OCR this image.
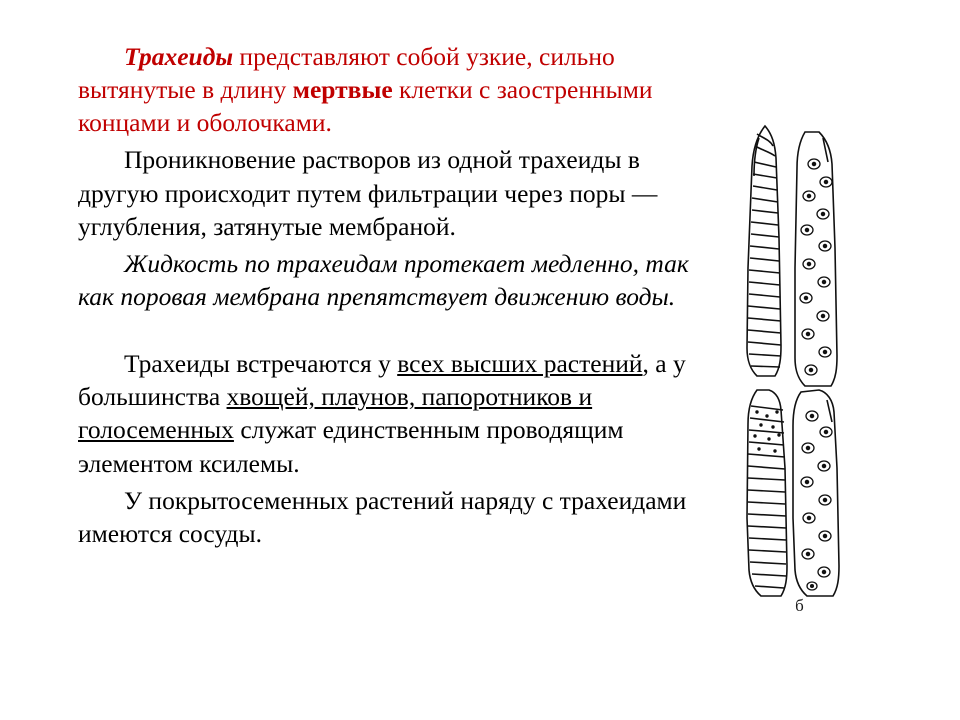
Трахеиды представляют собой узкие, сильно вытянутые в длину мертвые клетки с заостренными концами и оболочками.

Проникновение растворов из одной трахеиды в другую происходит путем фильтрации через поры — углубления, затянутые мембраной.

Жидкость по трахеидам протекает медленно, так как поровая мембрана препятствует движению воды.

Трахеиды встречаются у всех высших растений, а у большинства хвощей, плаунов, папоротников и голосеменных служат единственным проводящим элементом ксилемы.

У покрытосеменных растений наряду с трахеидами имеются сосуды.

б
